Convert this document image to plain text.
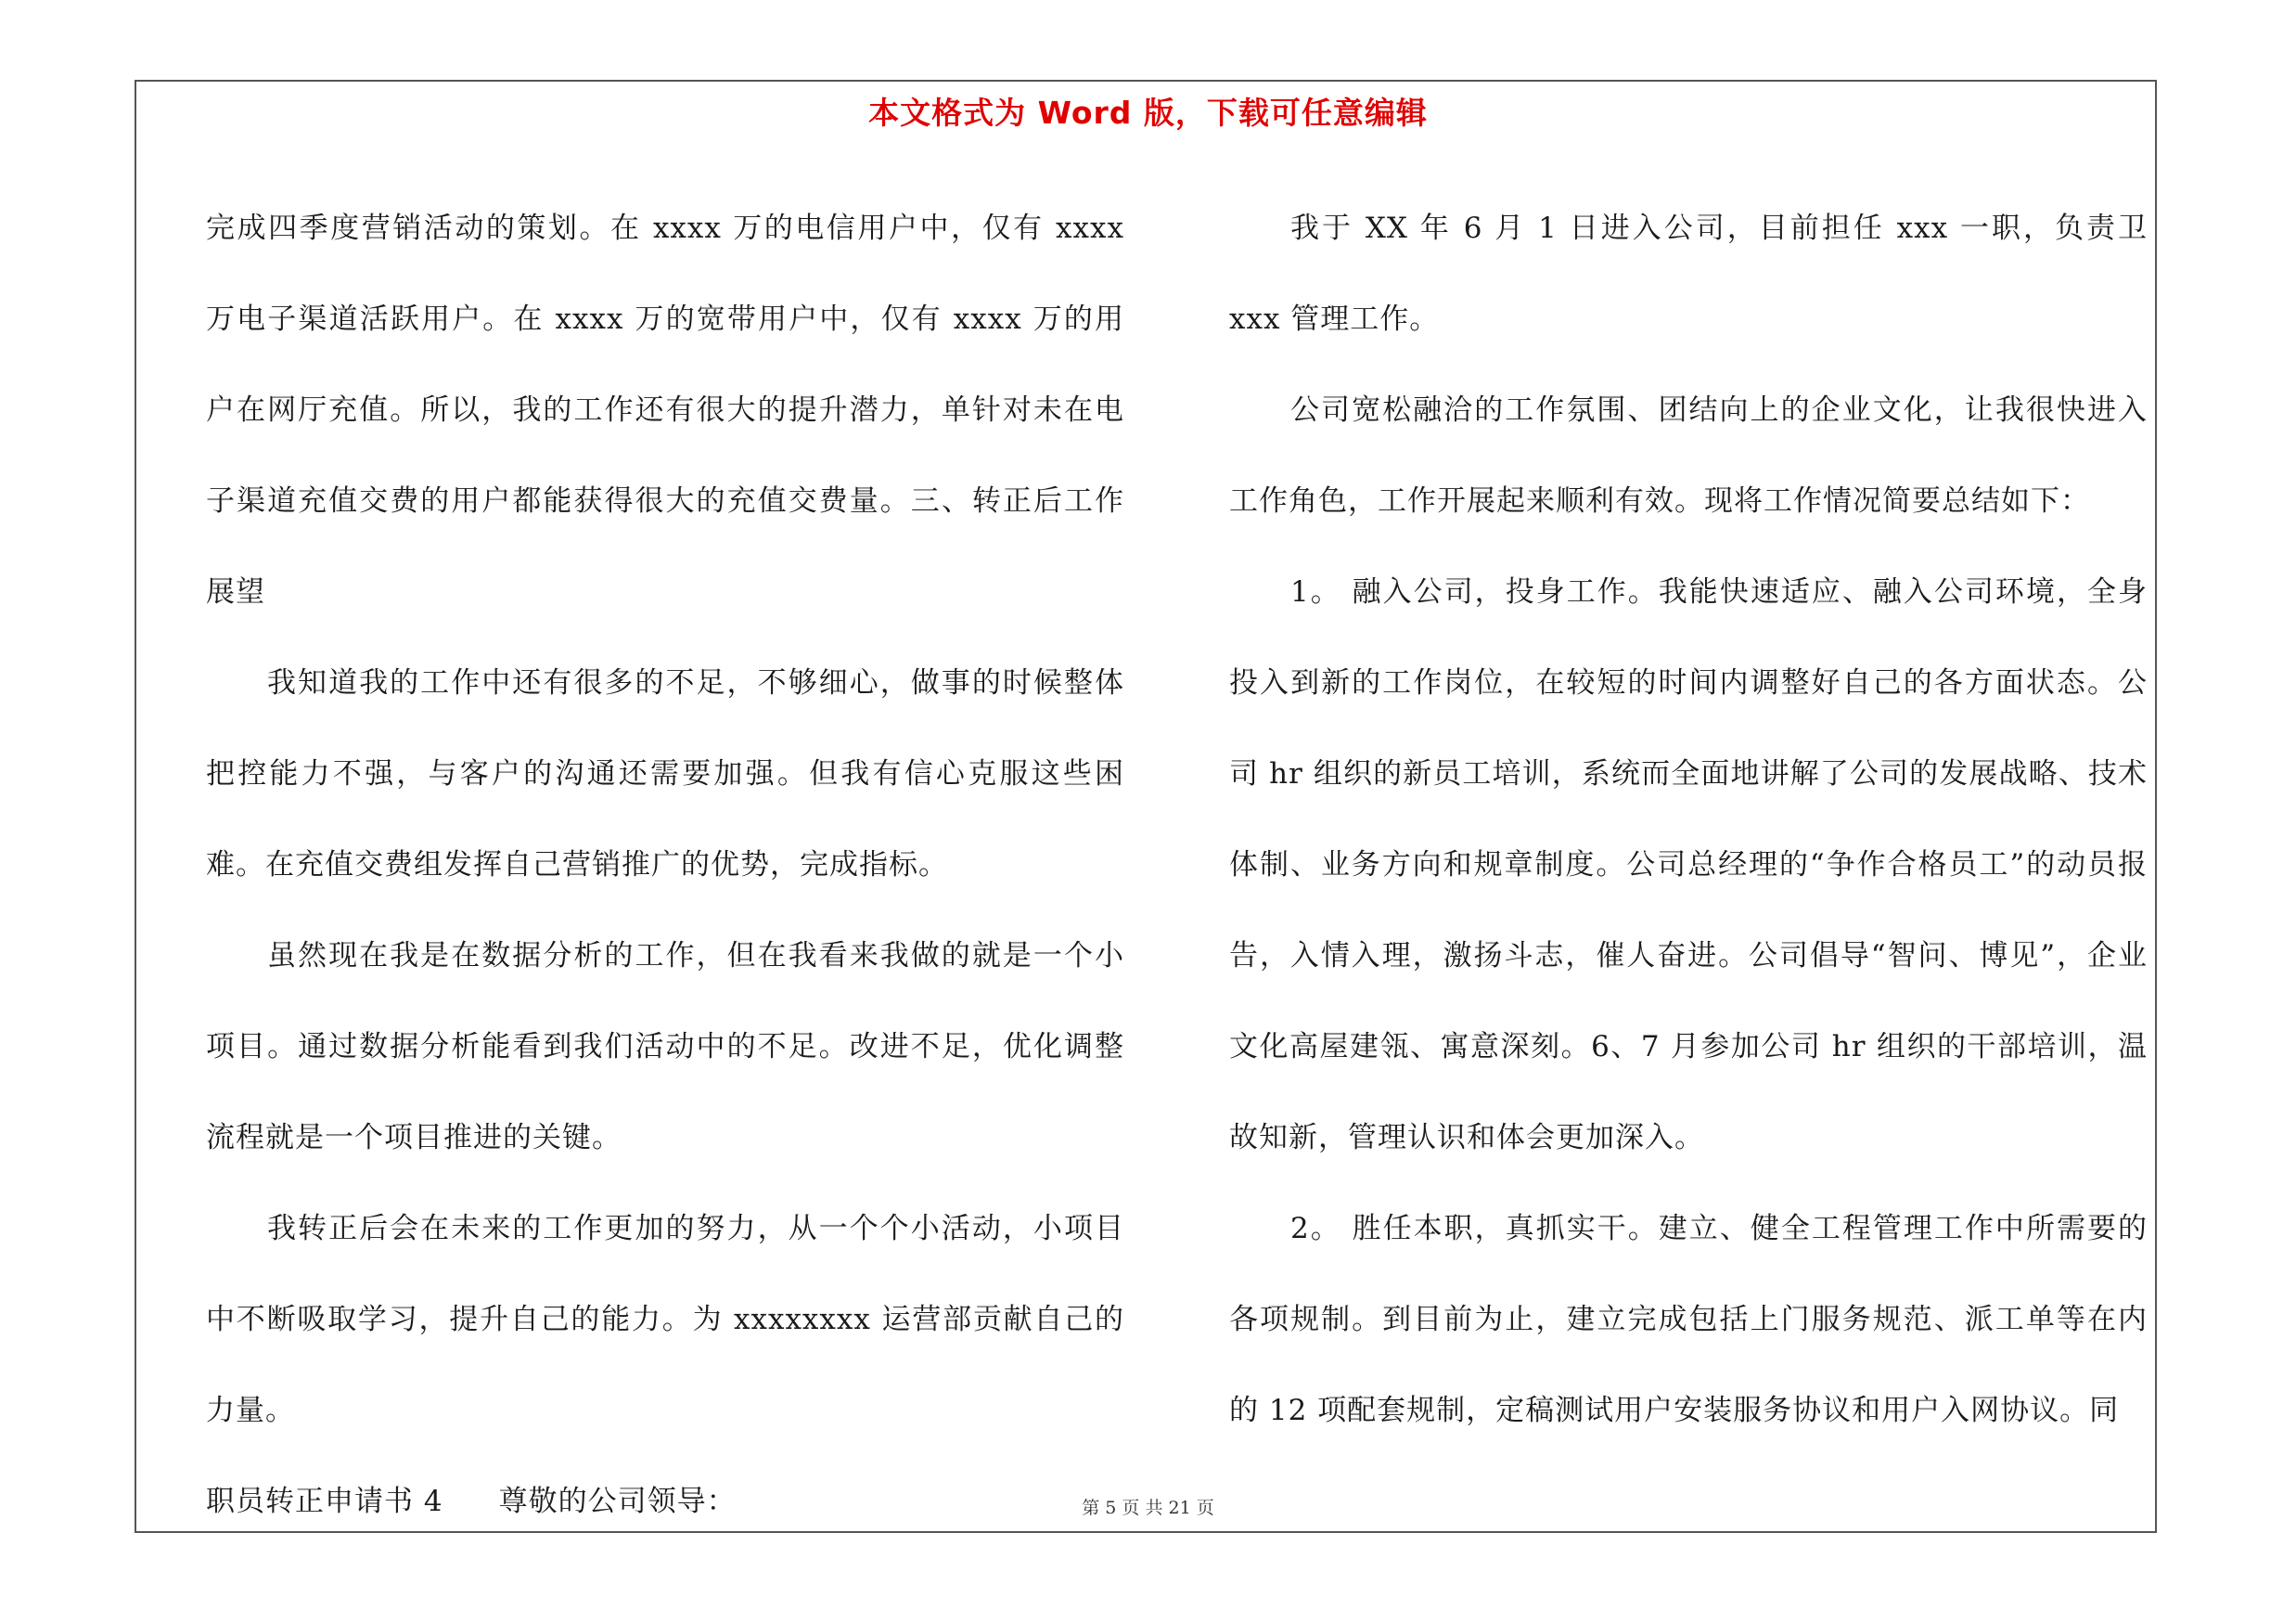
本文格式为 Word 版，下载可任意编辑

完成四季度营销活动的策划。在 xxxx 万的电信用户中，仅有 xxxx 万电子渠道活跃用户。在 xxxx 万的宽带用户中，仅有 xxxx 万的用户在网厅充值。所以，我的工作还有很大的提升潜力，单针对未在电子渠道充值交费的用户都能获得很大的充值交费量。三、转正后工作展望

我知道我的工作中还有很多的不足，不够细心，做事的时候整体把控能力不强，与客户的沟通还需要加强。但我有信心克服这些困难。在充值交费组发挥自己营销推广的优势，完成指标。

虽然现在我是在数据分析的工作，但在我看来我做的就是一个小项目。通过数据分析能看到我们活动中的不足。改进不足，优化调整流程就是一个项目推进的关键。

我转正后会在未来的工作更加的努力，从一个个小活动，小项目中不断吸取学习，提升自己的能力。为 xxxxxxxx 运营部贡献自己的力量。

职员转正申请书 4 尊敬的公司领导：

我于 XX 年 6 月 1 日进入公司，目前担任 xxx 一职，负责卫 xxx 管理工作。

公司宽松融洽的工作氛围、团结向上的企业文化，让我很快进入工作角色，工作开展起来顺利有效。现将工作情况简要总结如下：

1。 融入公司，投身工作。我能快速适应、融入公司环境，全身投入到新的工作岗位，在较短的时间内调整好自己的各方面状态。公司 hr 组织的新员工培训，系统而全面地讲解了公司的发展战略、技术体制、业务方向和规章制度。公司总经理的“争作合格员工”的动员报告，入情入理，激扬斗志，催人奋进。公司倡导“智问、博见”，企业文化高屋建瓴、寓意深刻。6、7 月参加公司 hr 组织的干部培训，温故知新，管理认识和体会更加深入。

2。 胜任本职，真抓实干。建立、健全工程管理工作中所需要的各项规制。到目前为止，建立完成包括上门服务规范、派工单等在内的 12 项配套规制，定稿测试用户安装服务协议和用户入网协议。同

第 5 页 共 21 页
